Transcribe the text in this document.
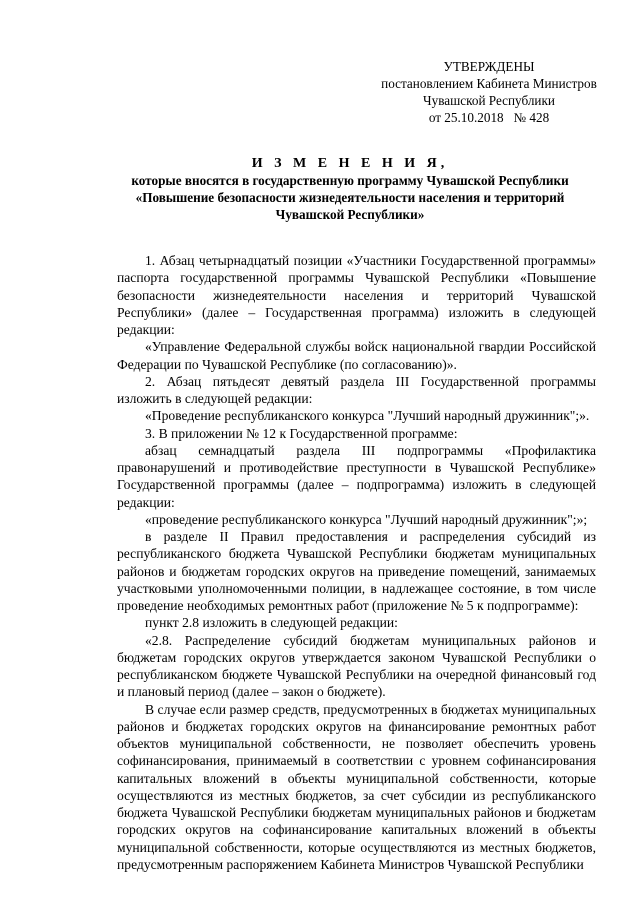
УТВЕРЖДЕНЫ
постановлением Кабинета Министров
Чувашской Республики
от 25.10.2018   № 428
И З М Е Н Е Н И Я,
которые вносятся в государственную программу Чувашской Республики
«Повышение безопасности жизнедеятельности населения и территорий
Чувашской Республики»

1. Абзац четырнадцатый позиции «Участники Государственной программы» паспорта государственной программы Чувашской Республики «Повышение безопасности жизнедеятельности населения и территорий Чувашской Республики» (далее – Государственная программа) изложить в следующей редакции:

«Управление Федеральной службы войск национальной гвардии Российской Федерации по Чувашской Республике (по согласованию)».

2. Абзац пятьдесят девятый раздела III Государственной программы изложить в следующей редакции:

«Проведение республиканского конкурса "Лучший народный дружинник";».

3. В приложении № 12 к Государственной программе:

абзац семнадцатый раздела III подпрограммы «Профилактика правонарушений и противодействие преступности в Чувашской Республике» Государственной программы (далее – подпрограмма) изложить в следующей редакции:

«проведение республиканского конкурса "Лучший народный дружинник";»;

в разделе II Правил предоставления и распределения субсидий из республиканского бюджета Чувашской Республики бюджетам муниципальных районов и бюджетам городских округов на приведение помещений, занимаемых участковыми уполномоченными полиции, в надлежащее состояние, в том числе проведение необходимых ремонтных работ (приложение № 5 к подпрограмме):

пункт 2.8 изложить в следующей редакции:

«2.8. Распределение субсидий бюджетам муниципальных районов и бюджетам городских округов утверждается законом Чувашской Республики о республиканском бюджете Чувашской Республики на очередной финансовый год и плановый период (далее – закон о бюджете).

В случае если размер средств, предусмотренных в бюджетах муниципальных районов и бюджетах городских округов на финансирование ремонтных работ объектов муниципальной собственности, не позволяет обеспечить уровень софинансирования, принимаемый в соответствии с уровнем софинансирования капитальных вложений в объекты муниципальной собственности, которые осуществляются из местных бюджетов, за счет субсидии из республиканского бюджета Чувашской Республики бюджетам муниципальных районов и бюджетам городских округов на софинансирование капитальных вложений в объекты муниципальной собственности, которые осуществляются из местных бюджетов, предусмотренным распоряжением Кабинета Министров Чувашской Республики
